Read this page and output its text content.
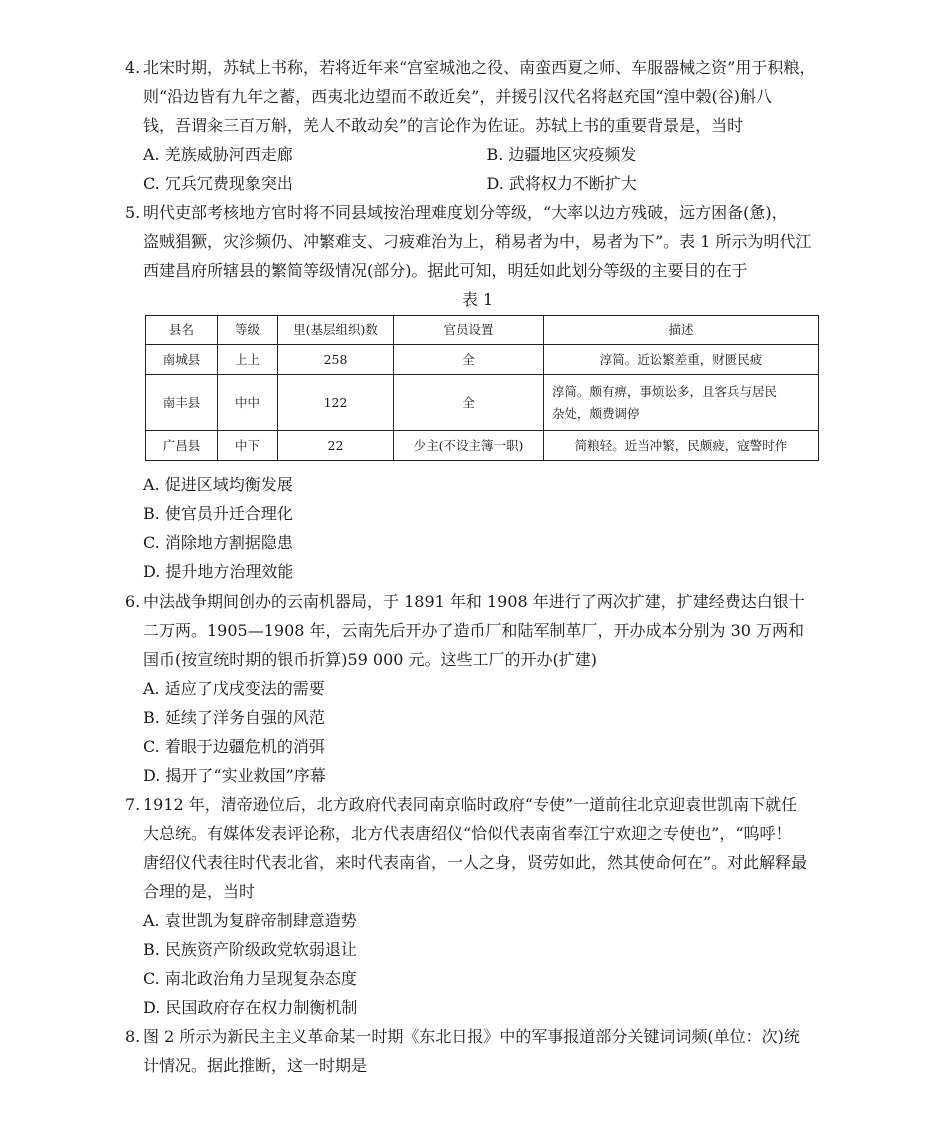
4. 北宋时期，苏轼上书称，若将近年来“宫室城池之役、南蛮西夏之师、车服器械之资”用于积粮，
则“沿边皆有九年之蓄，西夷北边望而不敢近矣”，并援引汉代名将赵充国“湟中榖(谷)斛八
钱，吾谓籴三百万斛，羌人不敢动矣”的言论作为佐证。苏轼上书的重要背景是，当时
A. 羌族威胁河西走廊	B. 边疆地区灾疫频发
C. 冗兵冗费现象突出	D. 武将权力不断扩大
5. 明代吏部考核地方官时将不同县域按治理难度划分等级，“大率以边方残破，远方困备(惫)，
盗贼猖獗，灾沴频仍、冲繁难支、刁疲难治为上，稍易者为中，易者为下”。表 1 所示为明代江
西建昌府所辖县的繁简等级情况(部分)。据此可知，明廷如此划分等级的主要目的在于
表 1
县名	等级	里(基层组织)数	官员设置	描述
南城县	上上	258	全	淳简。近讼繁差重，财匮民疲
南丰县	中中	122	全	淳简。颇有痹，事烦讼多，且客兵与居民
杂处，颇费调停

广昌县	中下	22	少主(不设主簿一职)	简粮轻。近当冲繁，民颇疲，寇警时作
A. 促进区域均衡发展
B. 使官员升迁合理化
C. 消除地方割据隐患
D. 提升地方治理效能
6. 中法战争期间创办的云南机器局，于 1891 年和 1908 年进行了两次扩建，扩建经费达白银十
二万两。1905—1908 年，云南先后开办了造币厂和陆军制革厂，开办成本分别为 30 万两和
国币(按宣统时期的银币折算)59 000 元。这些工厂的开办(扩建)
A. 适应了戊戌变法的需要
B. 延续了洋务自强的风范
C. 着眼于边疆危机的消弭
D. 揭开了“实业救国”序幕
7. 1912 年，清帝逊位后，北方政府代表同南京临时政府“专使”一道前往北京迎袁世凯南下就任
大总统。有媒体发表评论称，北方代表唐绍仪“恰似代表南省奉江宁欢迎之专使也”，“呜呼！
唐绍仪代表往时代表北省，来时代表南省，一人之身，贤劳如此，然其使命何在”。对此解释最
合理的是，当时
A. 袁世凯为复辟帝制肆意造势
B. 民族资产阶级政党软弱退让
C. 南北政治角力呈现复杂态度
D. 民国政府存在权力制衡机制
8. 图 2 所示为新民主主义革命某一时期《东北日报》中的军事报道部分关键词词频(单位：次)统
计情况。据此推断，这一时期是
